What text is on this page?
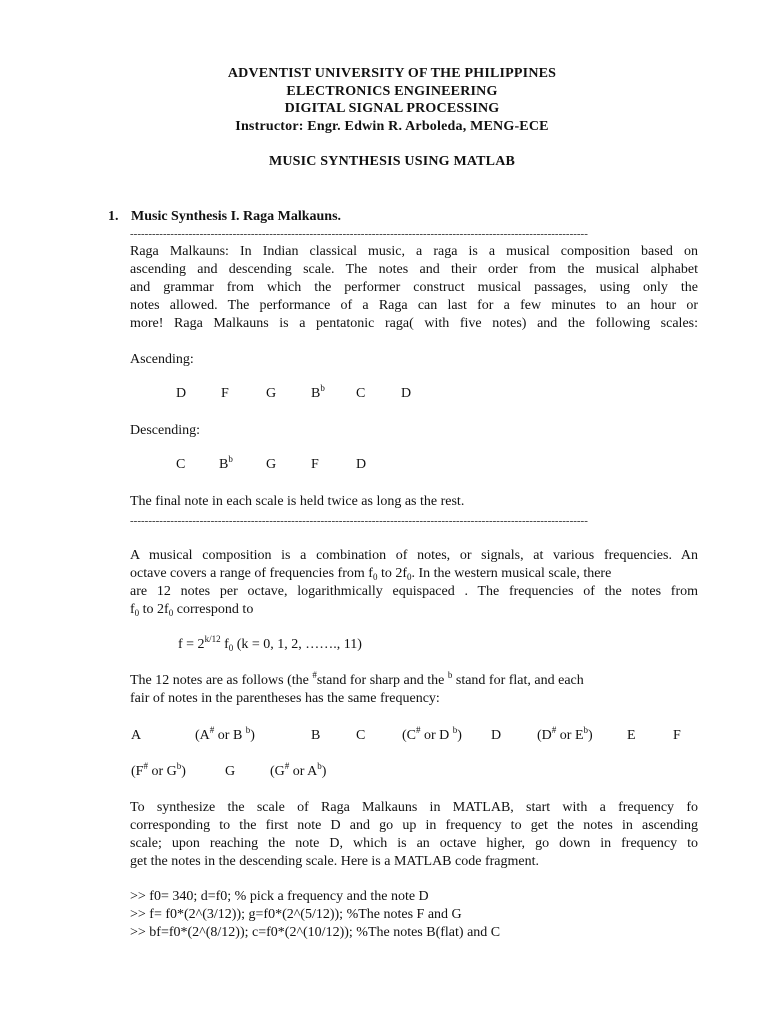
ADVENTIST UNIVERSITY OF THE PHILIPPINES
ELECTRONICS ENGINEERING
DIGITAL SIGNAL PROCESSING
Instructor: Engr. Edwin R. Arboleda, MENG-ECE
MUSIC SYNTHESIS USING MATLAB
1. Music Synthesis I. Raga Malkauns.
-----------------------------------------------------------------------------------------------------------------------------
Raga Malkauns: In Indian classical music, a raga is a musical composition based on
ascending and descending scale. The notes and their order from the musical alphabet
and grammar from which the performer construct musical passages, using only the
notes allowed. The performance of a Raga can last for a few minutes to an hour or
more! Raga Malkauns is a pentatonic raga( with five notes) and the following scales:
Ascending:
D F	G $B^b$ C	D
Descending:
C $B^b$ G F	D
The final note in each scale is held twice as long as the rest.
-----------------------------------------------------------------------------------------------------------------------------
A musical composition is a combination of notes, or signals, at various frequencies. An
octave covers a range of frequencies from $f_0$ to $2f_0$. In the western musical scale, there
are 12 notes per octave, logarithmically equispaced . The frequencies of the notes from
$f_0$ to $2f_0$ correspond to
$f = 2^{k/12}$ $f_0$ (k = 0, 1, 2, ……., 11)
The 12 notes are as follows (the #stand for sharp and the $^b$ stand for flat, and each
fair of notes in the parentheses has the same frequency:
A	(A# or B $^b$)	B	C	(C# or D $^b$) D	(D# or $E^b$) E	F
(F# or $G^b$)	G (G# or $A^b$)
To synthesize the scale of Raga Malkauns in MATLAB, start with a frequency fo
corresponding to the first note D and go up in frequency to get the notes in ascending
scale; upon reaching the note D, which is an octave higher, go down in frequency to
get the notes in the descending scale. Here is a MATLAB code fragment.
>> f0= 340; d=f0; % pick a frequency and the note D
>> f= f0*(2^(3/12)); g=f0*(2^(5/12)); %The notes F and G
>> bf=f0*(2^(8/12)); c=f0*(2^(10/12)); %The notes B(flat) and C
